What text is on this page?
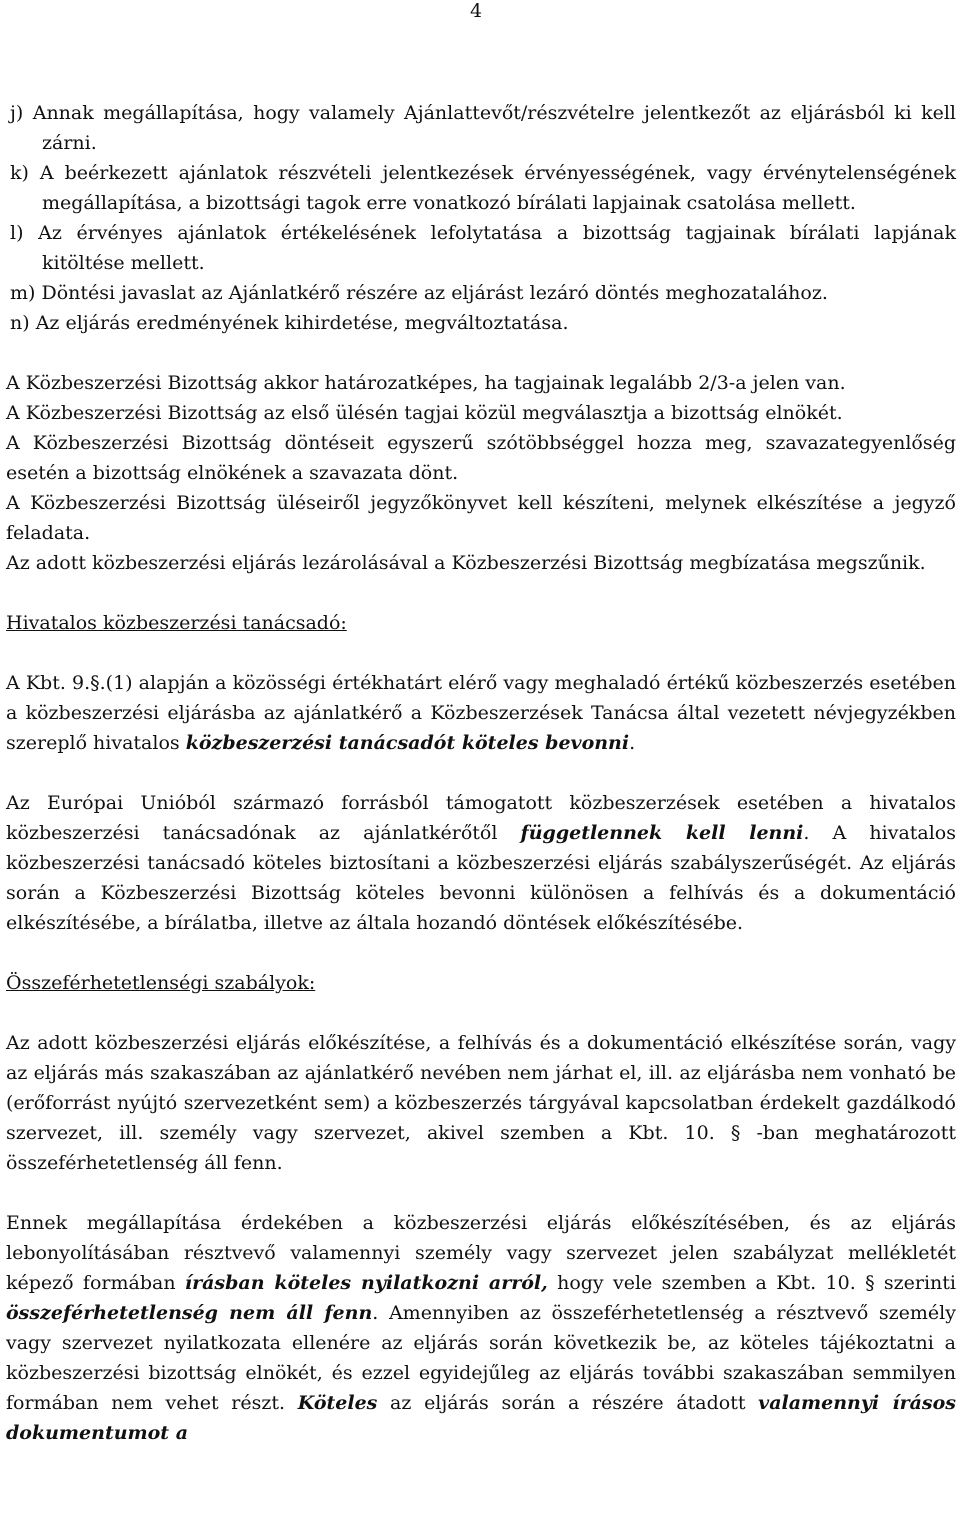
4

j) Annak megállapítása, hogy valamely Ajánlattevőt/részvételre jelentkezőt az eljárásból ki kell zárni.

k) A beérkezett ajánlatok részvételi jelentkezések érvényességének, vagy érvénytelenségének megállapítása, a bizottsági tagok erre vonatkozó bírálati lapjainak csatolása mellett.

l) Az érvényes ajánlatok értékelésének lefolytatása a bizottság tagjainak bírálati lapjának kitöltése mellett.

m) Döntési javaslat az Ajánlatkérő részére az eljárást lezáró döntés meghozatalához.

n) Az eljárás eredményének kihirdetése, megváltoztatása.

A Közbeszerzési Bizottság akkor határozatképes, ha tagjainak legalább 2/3-a jelen van.

A Közbeszerzési Bizottság az első ülésén tagjai közül megválasztja a bizottság elnökét.

A Közbeszerzési Bizottság döntéseit egyszerű szótöbbséggel hozza meg, szavazategyenlőség esetén a bizottság elnökének a szavazata dönt.

A Közbeszerzési Bizottság üléseiről jegyzőkönyvet kell készíteni, melynek elkészítése a jegyző feladata.

Az adott közbeszerzési eljárás lezárolásával a Közbeszerzési Bizottság megbízatása megszűnik.

Hivatalos közbeszerzési tanácsadó:

A Kbt. 9.§.(1) alapján a közösségi értékhatárt elérő vagy meghaladó értékű közbeszerzés esetében a közbeszerzési eljárásba az ajánlatkérő a Közbeszerzések Tanácsa által vezetett névjegyzékben szereplő hivatalos közbeszerzési tanácsadót köteles bevonni.

Az Európai Unióból származó forrásból támogatott közbeszerzések esetében a hivatalos közbeszerzési tanácsadónak az ajánlatkérőtől függetlennek kell lenni. A hivatalos közbeszerzési tanácsadó köteles biztosítani a közbeszerzési eljárás szabályszerűségét. Az eljárás során a Közbeszerzési Bizottság köteles bevonni különösen a felhívás és a dokumentáció elkészítésébe, a bírálatba, illetve az általa hozandó döntések előkészítésébe.

Összeférhetetlenségi szabályok:

Az adott közbeszerzési eljárás előkészítése, a felhívás és a dokumentáció elkészítése során, vagy az eljárás más szakaszában az ajánlatkérő nevében nem járhat el, ill. az eljárásba nem vonható be (erőforrást nyújtó szervezetként sem) a közbeszerzés tárgyával kapcsolatban érdekelt gazdálkodó szervezet, ill. személy vagy szervezet, akivel szemben a Kbt. 10. § -ban meghatározott összeférhetetlenség áll fenn.

Ennek megállapítása érdekében a közbeszerzési eljárás előkészítésében, és az eljárás lebonyolításában résztvevő valamennyi személy vagy szervezet jelen szabályzat mellékletét képező formában írásban köteles nyilatkozni arról, hogy vele szemben a Kbt. 10. § szerinti összeférhetetlenség nem áll fenn. Amennyiben az összeférhetetlenség a résztvevő személy vagy szervezet nyilatkozata ellenére az eljárás során következik be, az köteles tájékoztatni a közbeszerzési bizottság elnökét, és ezzel egyidejűleg az eljárás további szakaszában semmilyen formában nem vehet részt. Köteles az eljárás során a részére átadott valamennyi írásos dokumentumot a
